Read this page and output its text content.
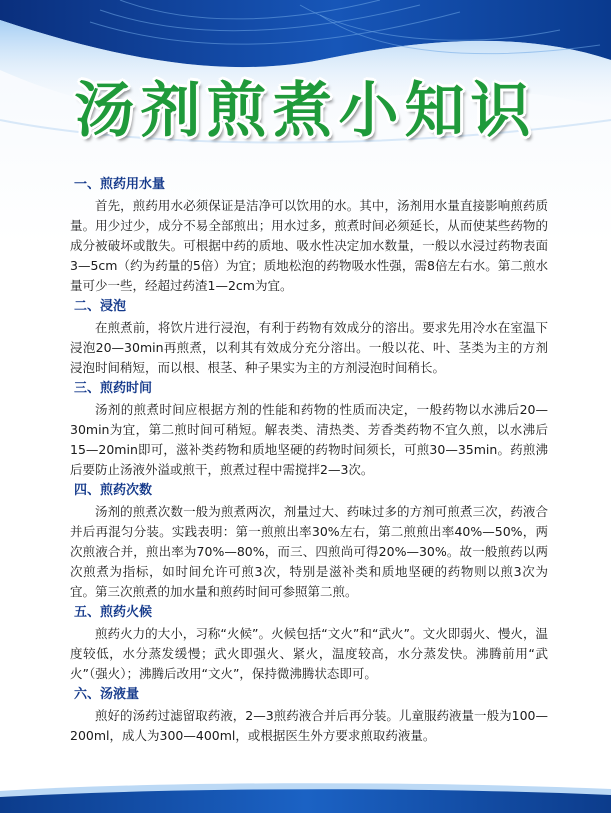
汤剂煎煮小知识
一、煎药用水量

首先，煎药用水必须保证是洁净可以饮用的水。其中，汤剂用水量直接影响煎药质量。用少过少，成分不易全部煎出；用水过多，煎煮时间必须延长，从而使某些药物的成分被破坏或散失。可根据中药的质地、吸水性决定加水数量，一般以水浸过药物表面3—5cm（约为药量的5倍）为宜；质地松泡的药物吸水性强，需8倍左右水。第二煎水量可少一些，经超过药渣1—2cm为宜。

二、浸泡

在煎煮前，将饮片进行浸泡，有利于药物有效成分的溶出。要求先用冷水在室温下浸泡20—30min再煎煮，以利其有效成分充分溶出。一般以花、叶、茎类为主的方剂浸泡时间稍短，而以根、根茎、种子果实为主的方剂浸泡时间稍长。

三、煎药时间

汤剂的煎煮时间应根据方剂的性能和药物的性质而决定，一般药物以水沸后20—30min为宜，第二煎时间可稍短。解表类、清热类、芳香类药物不宜久煎，以水沸后15—20min即可，滋补类药物和质地坚硬的药物时间须长，可煎30—35min。药煎沸后要防止汤液外溢或煎干，煎煮过程中需搅拌2—3次。

四、煎药次数

汤剂的煎煮次数一般为煎煮两次，剂量过大、药味过多的方剂可煎煮三次，药液合并后再混匀分装。实践表明：第一煎煎出率30%左右，第二煎煎出率40%—50%，两次煎液合并，煎出率为70%—80%，而三、四煎尚可得20%—30%。故一般煎药以两次煎煮为指标，如时间允许可煎3次，特别是滋补类和质地坚硬的药物则以煎3次为宜。第三次煎煮的加水量和煎药时间可参照第二煎。

五、煎药火候

煎药火力的大小，习称“火候”。火候包括“文火”和“武火”。文火即弱火、慢火，温度较低，水分蒸发缓慢；武火即强火、紧火，温度较高，水分蒸发快。沸腾前用“武火”（强火）；沸腾后改用“文火”，保持微沸腾状态即可。

六、汤液量

煎好的汤药过滤留取药液，2—3煎药液合并后再分装。儿童服药液量一般为100—200ml，成人为300—400ml，或根据医生外方要求煎取药液量。
